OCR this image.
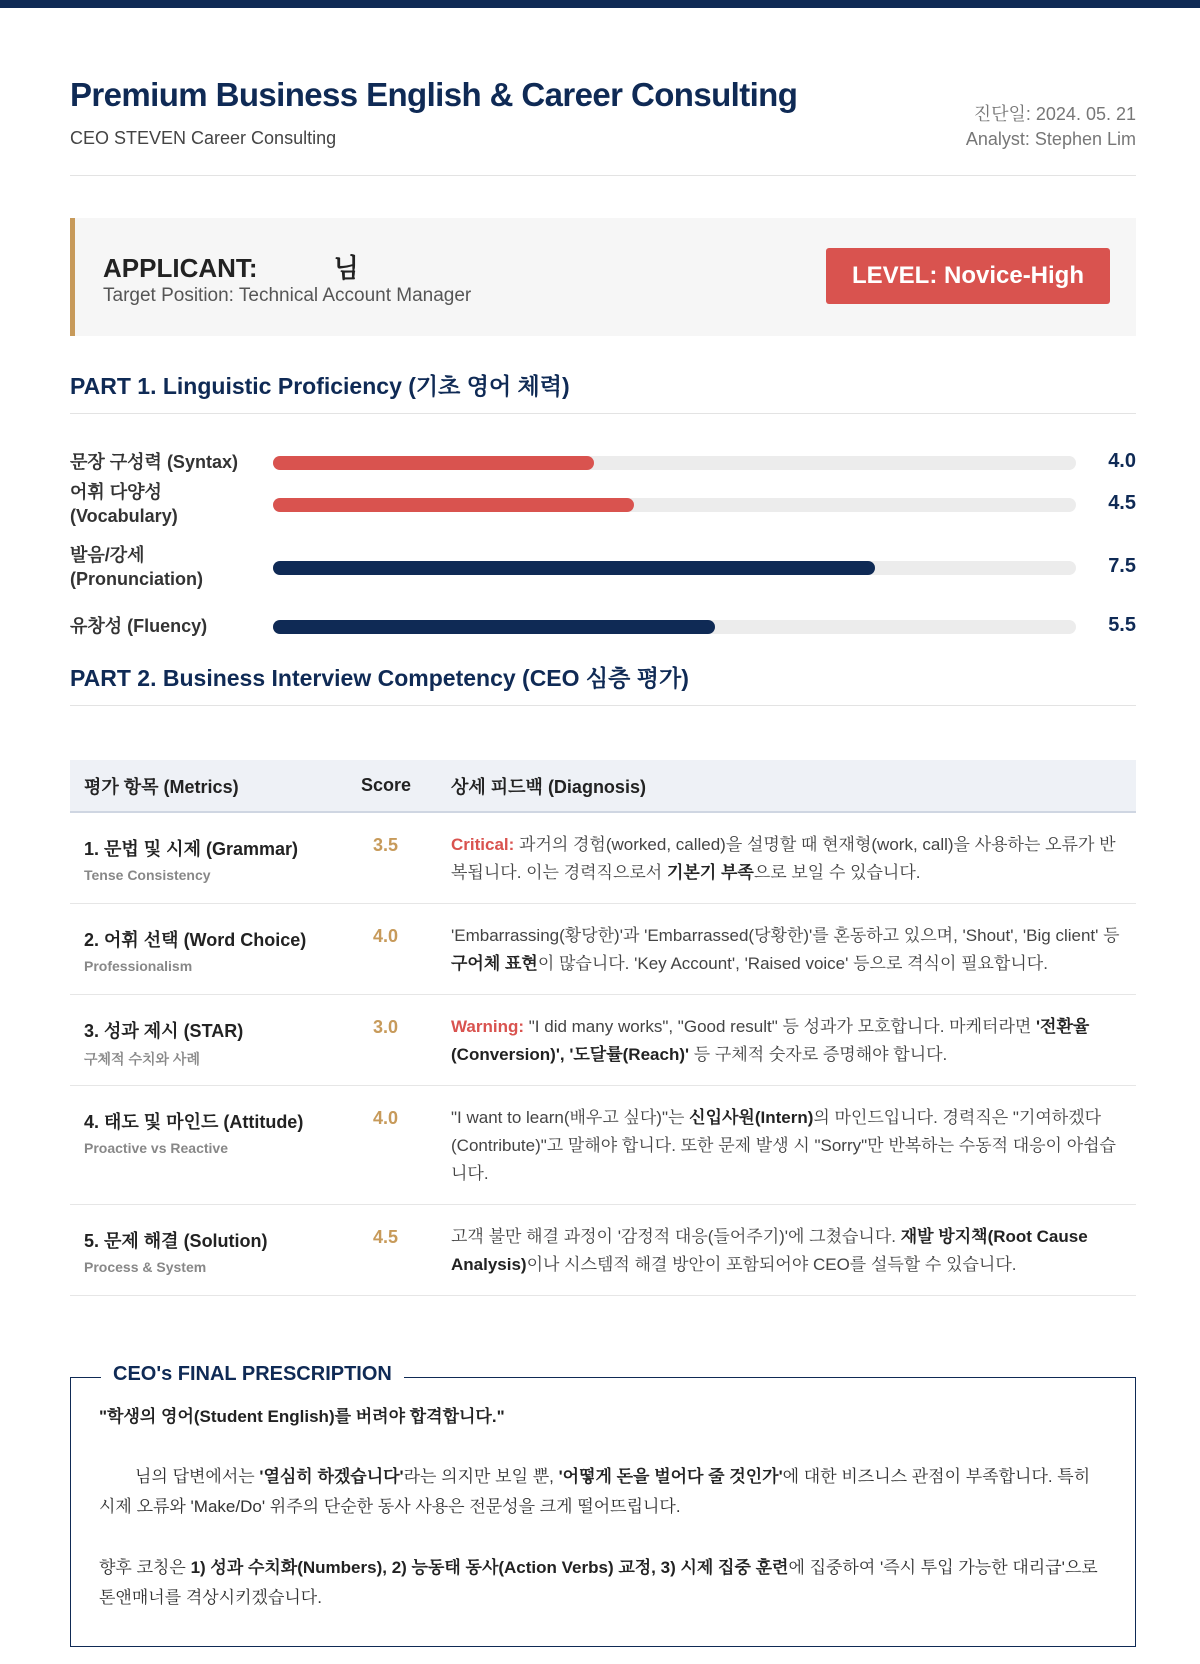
Premium Business English & Career Consulting
CEO STEVEN Career Consulting
진단일: 2024. 05. 21
Analyst: Stephen Lim
APPLICANT:	님
Target Position: Technical Account Manager
LEVEL: Novice-High
PART 1. Linguistic Proficiency (기초 영어 체력)
문장 구성력 (Syntax)	4.0
어휘 다양성 (Vocabulary)
4.5
발음/강세 (Pronunciation)
7.5
유창성 (Fluency)	5.5
PART 2. Business Interview Competency (CEO 심층 평가)
평가 항목 (Metrics)	Score	상세 피드백 (Diagnosis)

1. 문법 및 시제 (Grammar)
Tense Consistency	3.5	Critical: 과거의 경험(worked, called)을 설명할 때 현재형(work, call)을 사용하는 오류가 반복됩니다. 이는 경력직으로서 기본기 부족으로 보일 수 있습니다.

2. 어휘 선택 (Word Choice)
Professionalism	4.0	'Embarrassing(황당한)'과 'Embarrassed(당황한)'를 혼동하고 있으며, 'Shout', 'Big client' 등 구어체 표현이 많습니다. 'Key Account', 'Raised voice' 등으로 격식이 필요합니다.

3. 성과 제시 (STAR)
구체적 수치와 사례	3.0	Warning: "I did many works", "Good result" 등 성과가 모호합니다. 마케터라면 '전환율(Conversion)', '도달률(Reach)' 등 구체적 숫자로 증명해야 합니다.

4. 태도 및 마인드 (Attitude)
Proactive vs Reactive	4.0	"I want to learn(배우고 싶다)"는 신입사원(Intern)의 마인드입니다. 경력직은 "기여하겠다(Contribute)"고 말해야 합니다. 또한 문제 발생 시 "Sorry"만 반복하는 수동적 대응이 아쉽습니다.

5. 문제 해결 (Solution)
Process & System	4.5	고객 불만 해결 과정이 '감정적 대응(들어주기)'에 그쳤습니다. 재발 방지책(Root Cause Analysis)이나 시스템적 해결 방안이 포함되어야 CEO를 설득할 수 있습니다.
CEO's FINAL PRESCRIPTION
"학생의 영어(Student English)를 버려야 합격합니다."
님의 답변에서는 '열심히 하겠습니다'라는 의지만 보일 뿐, '어떻게 돈을 벌어다 줄 것인가'에 대한 비즈니스 관점이 부족합니다. 특히 시제 오류와 'Make/Do' 위주의 단순한 동사 사용은 전문성을 크게 떨어뜨립니다.
향후 코칭은 1) 성과 수치화(Numbers), 2) 능동태 동사(Action Verbs) 교정, 3) 시제 집중 훈련에 집중하여 '즉시 투입 가능한 대리급'으로 톤앤매너를 격상시키겠습니다.
